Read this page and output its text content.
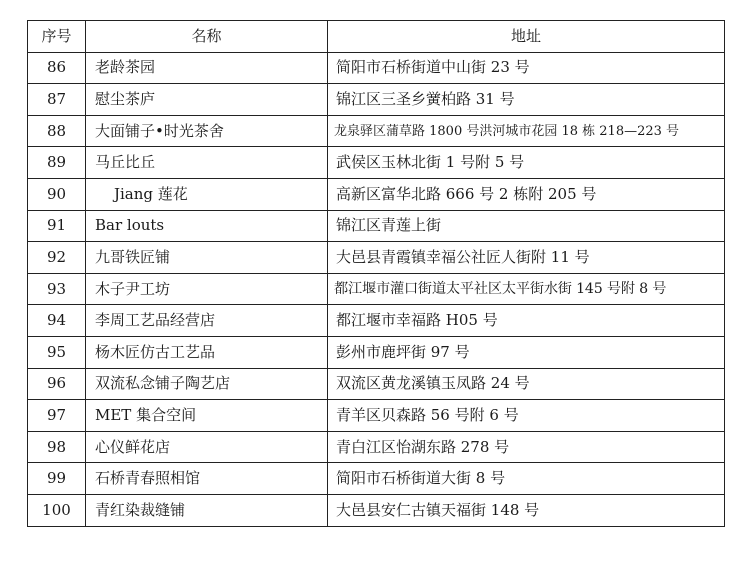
序号	名称	地址
86	老龄茶园	简阳市石桥街道中山街 23 号
87	慰尘茶庐	锦江区三圣乡黉柏路 31 号
88	大面铺子•时光茶舍	龙泉驿区蒲草路 1800 号洪河城市花园 18 栋 218—223 号
89	马丘比丘	武侯区玉林北街 1 号附 5 号
90	Jiang 莲花	高新区富华北路 666 号 2 栋附 205 号
91	Bar louts	锦江区青莲上街
92	九哥铁匠铺	大邑县青霞镇幸福公社匠人街附 11 号
93	木子尹工坊	都江堰市灌口街道太平社区太平街水街 145 号附 8 号
94	李周工艺品经营店	都江堰市幸福路 H05 号
95	杨木匠仿古工艺品	彭州市鹿坪街 97 号
96	双流私念铺子陶艺店	双流区黄龙溪镇玉凤路 24 号
97	MET 集合空间	青羊区贝森路 56 号附 6 号
98	心仪鲜花店	青白江区怡湖东路 278 号
99	石桥青春照相馆	简阳市石桥街道大街 8 号
100	青红染裁缝铺	大邑县安仁古镇天福街 148 号
